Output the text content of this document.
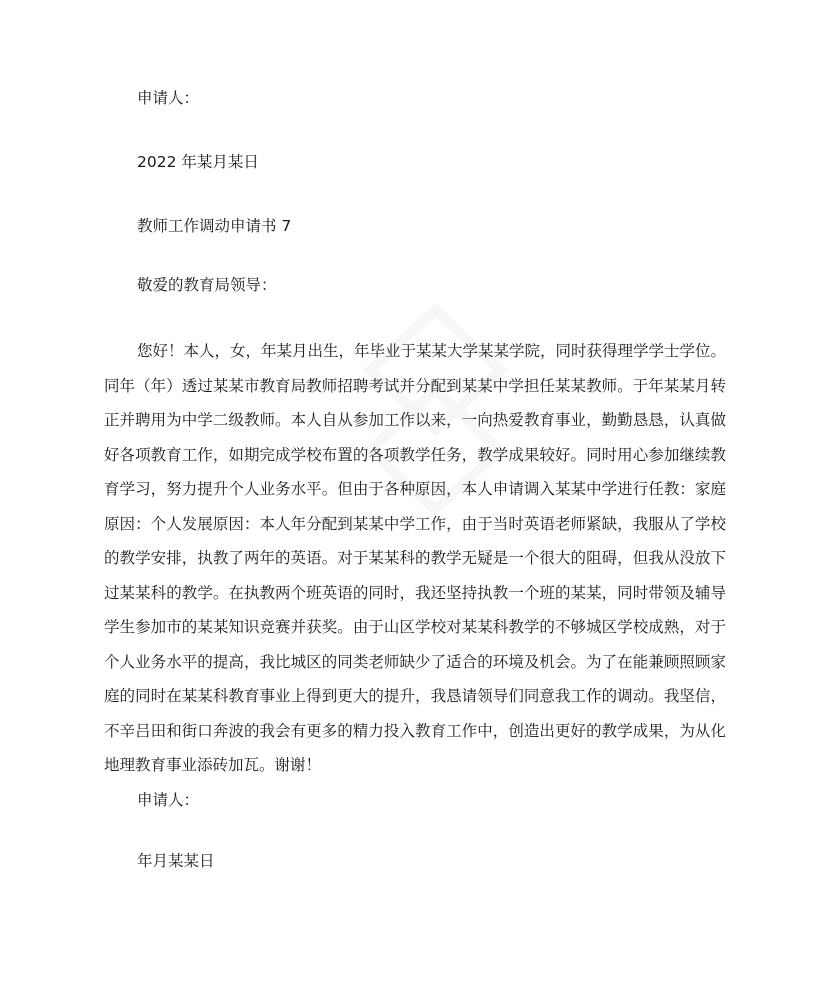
申请人：
2022 年某月某日
教师工作调动申请书 7
敬爱的教育局领导：
您好！本人，女，年某月出生，年毕业于某某大学某某学院，同时获得理学学士学位。同年（年）透过某某市教育局教师招聘考试并分配到某某中学担任某某教师。于年某某月转正并聘用为中学二级教师。本人自从参加工作以来，一向热爱教育事业，勤勤恳恳，认真做好各项教育工作，如期完成学校布置的各项教学任务，教学成果较好。同时用心参加继续教育学习，努力提升个人业务水平。但由于各种原因，本人申请调入某某中学进行任教：家庭原因：个人发展原因：本人年分配到某某中学工作，由于当时英语老师紧缺，我服从了学校的教学安排，执教了两年的英语。对于某某科的教学无疑是一个很大的阻碍，但我从没放下过某某科的教学。在执教两个班英语的同时，我还坚持执教一个班的某某，同时带领及辅导学生参加市的某某知识竞赛并获奖。由于山区学校对某某科教学的不够城区学校成熟，对于个人业务水平的提高，我比城区的同类老师缺少了适合的环境及机会。为了在能兼顾照顾家庭的同时在某某科教育事业上得到更大的提升，我恳请领导们同意我工作的调动。我坚信，不辛吕田和街口奔波的我会有更多的精力投入教育工作中，创造出更好的教学成果，为从化地理教育事业添砖加瓦。谢谢！
申请人：
年月某某日
